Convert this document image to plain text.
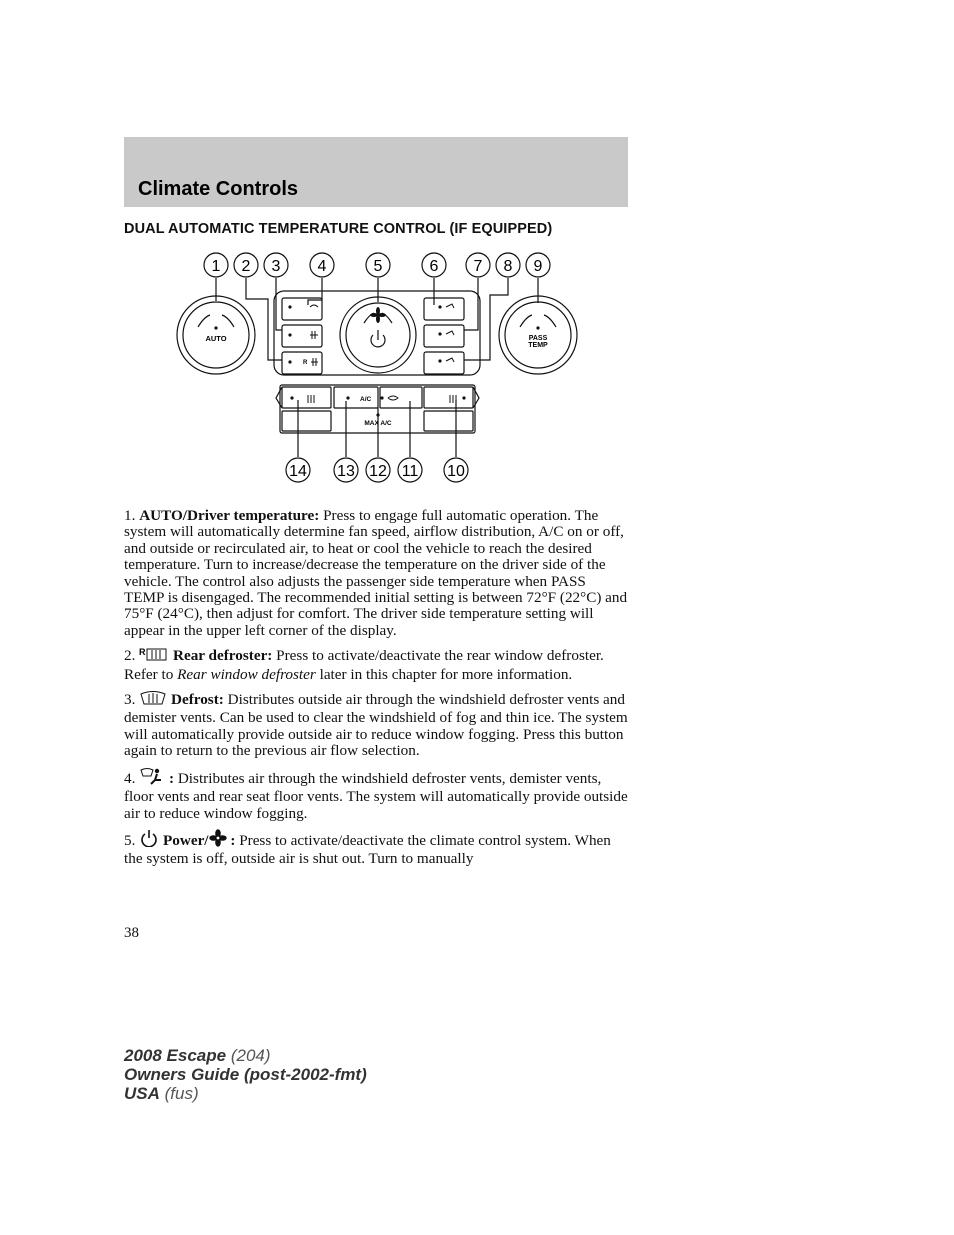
Climate Controls
DUAL AUTOMATIC TEMPERATURE CONTROL (IF EQUIPPED)
AUTO	PASS
TEMP
A/C
MAX A/C
R
1 2 3 4	5	6 7 8 9
14 13 12 11 10

1. AUTO/Driver temperature: Press to engage full automatic operation. The system will automatically determine fan speed, airflow distribution, A/C on or off, and outside or recirculated air, to heat or cool the vehicle to reach the desired temperature. Turn to increase/decrease the temperature on the driver side of the vehicle. The control also adjusts the passenger side temperature when PASS TEMP is disengaged. The recommended initial setting is between 72°F (22°C) and 75°F (24°C), then adjust for comfort. The driver side temperature setting will appear in the upper left corner of the display.

2. R Rear defroster: Press to activate/deactivate the rear window defroster. Refer to Rear window defroster later in this chapter for more information.

3. Defrost: Distributes outside air through the windshield defroster vents and demister vents. Can be used to clear the windshield of fog and thin ice. The system will automatically provide outside air to reduce window fogging. Press this button again to return to the previous air flow selection.

4. : Distributes air through the windshield defroster vents, demister vents, floor vents and rear seat floor vents. The system will automatically provide outside air to reduce window fogging.

5. Power/ : Press to activate/deactivate the climate control system. When the system is off, outside air is shut out. Turn to manually

38
2008 Escape (204)
Owners Guide (post-2002-fmt)
USA (fus)
